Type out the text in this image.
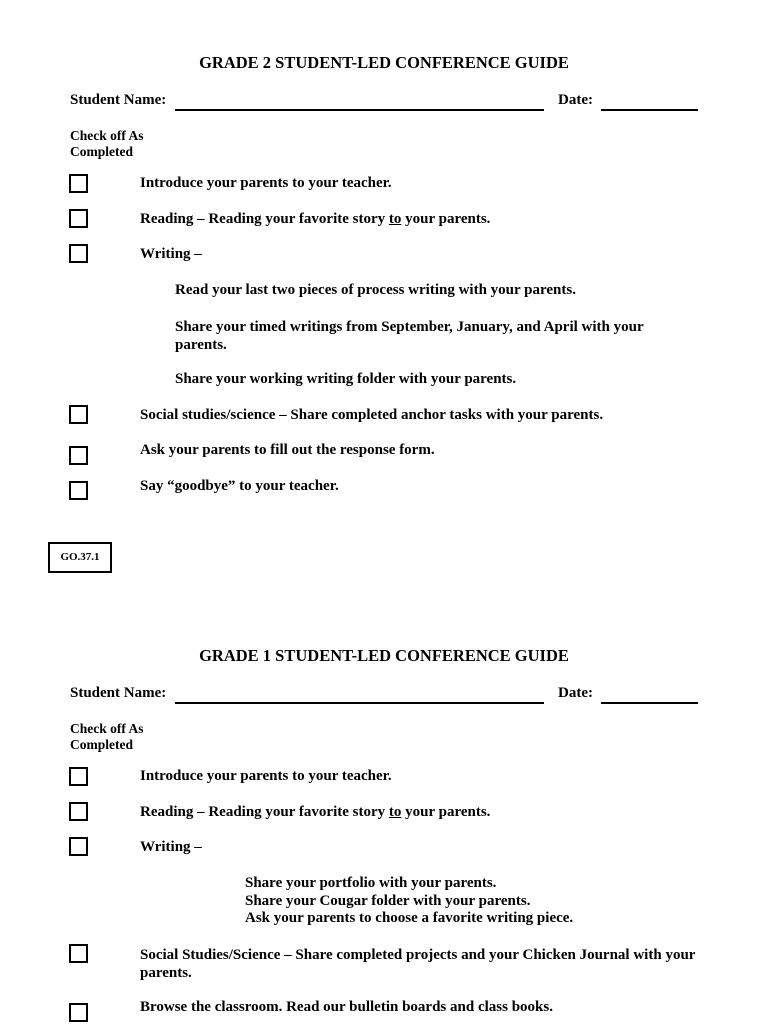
GRADE 2 STUDENT-LED CONFERENCE GUIDE
Student Name:	Date:
Check off As
Completed
Introduce your parents to your teacher.
Reading – Reading your favorite story to your parents.
Writing –
Read your last two pieces of process writing with your parents.
Share your timed writings from September, January, and April with your parents.
Share your working writing folder with your parents.
Social studies/science – Share completed anchor tasks with your parents.
Ask your parents to fill out the response form.
Say “goodbye” to your teacher.
GO.37.1
GRADE 1 STUDENT-LED CONFERENCE GUIDE
Student Name:	Date:
Check off As
Completed
Introduce your parents to your teacher.
Reading – Reading your favorite story to your parents.
Writing –
Share your portfolio with your parents.
Share your Cougar folder with your parents.
Ask your parents to choose a favorite writing piece.
Social Studies/Science – Share completed projects and your Chicken Journal with your parents.
Browse the classroom. Read our bulletin boards and class books.
